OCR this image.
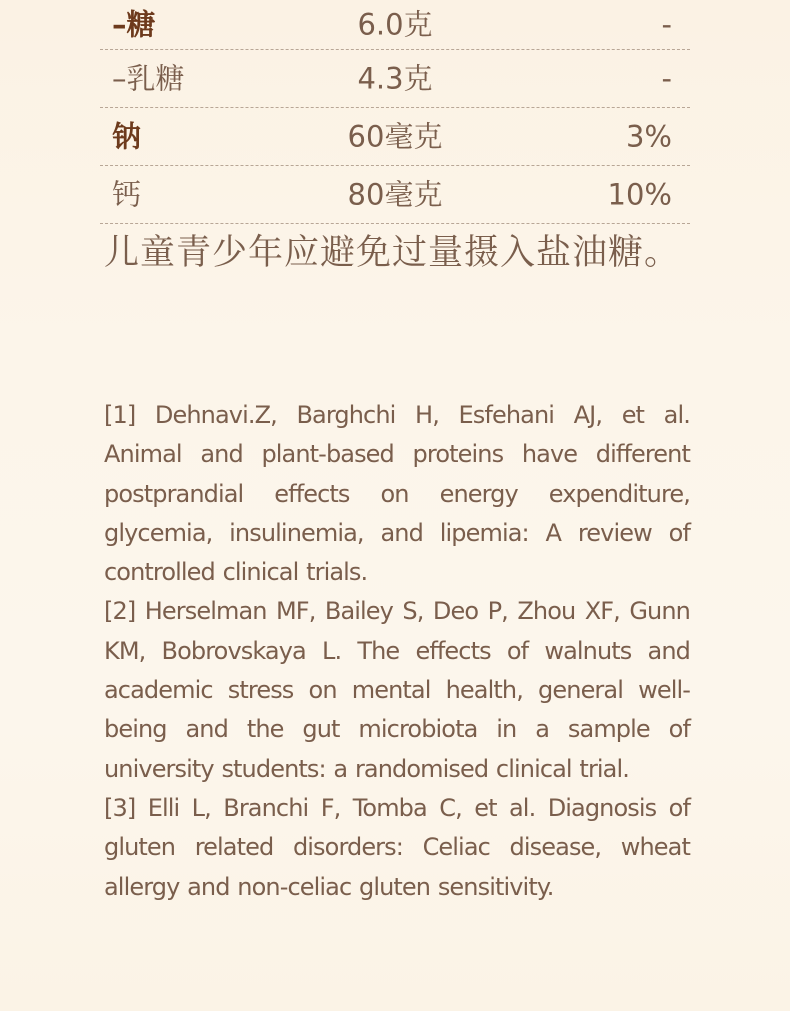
–糖	6.0克	-
–乳糖	4.3克	-
钠	60毫克	3%
钙	80毫克	10%
儿童青少年应避免过量摄入盐油糖。

[1] Dehnavi.Z, Barghchi H, Esfehani AJ, et al. Animal and plant-based proteins have different postprandial effects on energy expenditure, glycemia, insulinemia, and lipemia: A review of controlled clinical trials.

[2] Herselman MF, Bailey S, Deo P, Zhou XF, Gunn KM, Bobrovskaya L. The effects of walnuts and academic stress on mental health, general well-being and the gut microbiota in a sample of university students: a randomised clinical trial.

[3] Elli L, Branchi F, Tomba C, et al. Diagnosis of gluten related disorders: Celiac disease, wheat allergy and non-celiac gluten sensitivity.
